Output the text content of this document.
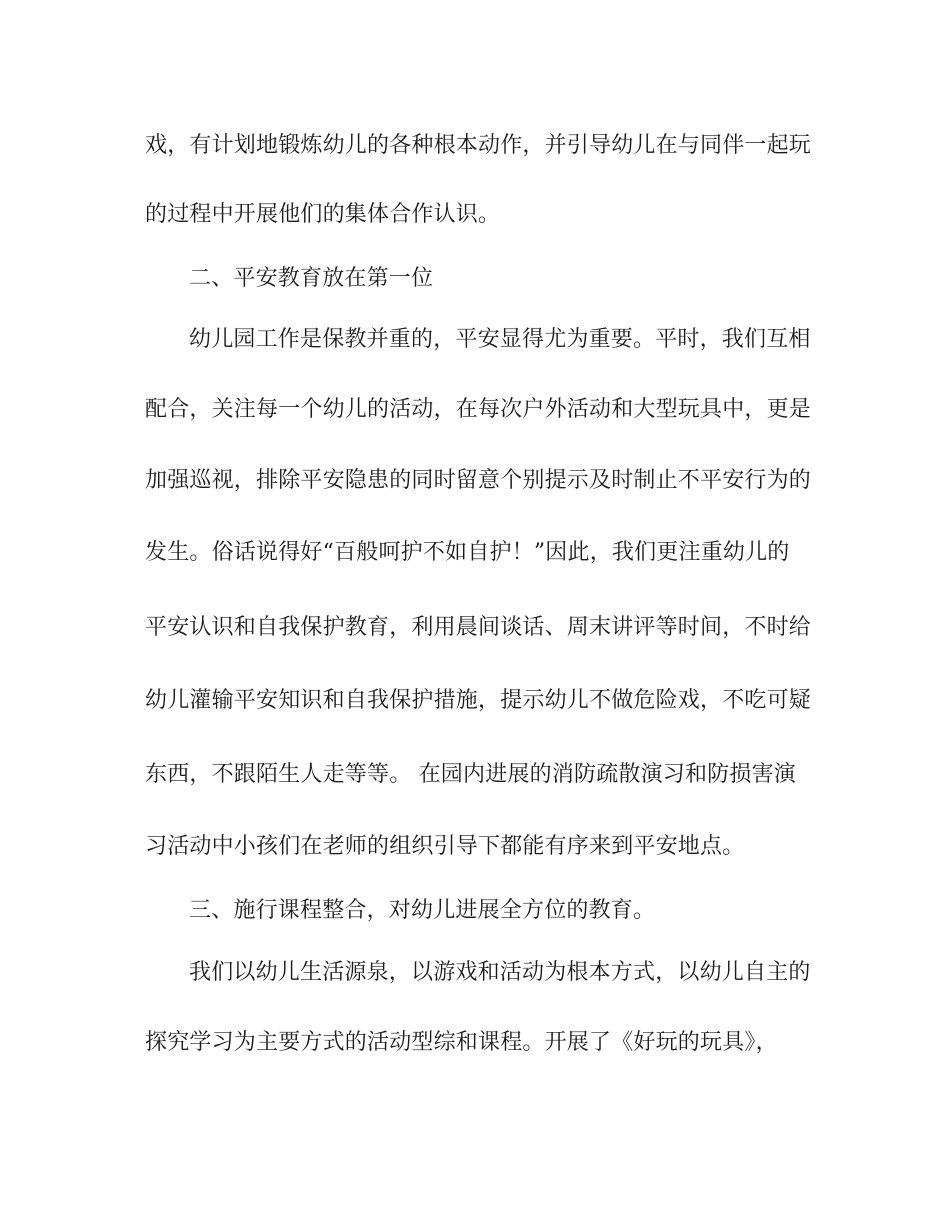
戏，有计划地锻炼幼儿的各种根本动作，并引导幼儿在与同伴一起玩
的过程中开展他们的集体合作认识。
二、平安教育放在第一位
幼儿园工作是保教并重的，平安显得尤为重要。平时，我们互相
配合，关注每一个幼儿的活动，在每次户外活动和大型玩具中，更是
加强巡视，排除平安隐患的同时留意个别提示及时制止不平安行为的
发生。俗话说得好“百般呵护不如自护！”因此，我们更注重幼儿的
平安认识和自我保护教育，利用晨间谈话、周末讲评等时间，不时给
幼儿灌输平安知识和自我保护措施，提示幼儿不做危险戏，不吃可疑
东西，不跟陌生人走等等。 在园内进展的消防疏散演习和防损害演
习活动中小孩们在老师的组织引导下都能有序来到平安地点。
三、施行课程整合，对幼儿进展全方位的教育。
我们以幼儿生活源泉，以游戏和活动为根本方式，以幼儿自主的
探究学习为主要方式的活动型综和课程。开展了《好玩的玩具》，
